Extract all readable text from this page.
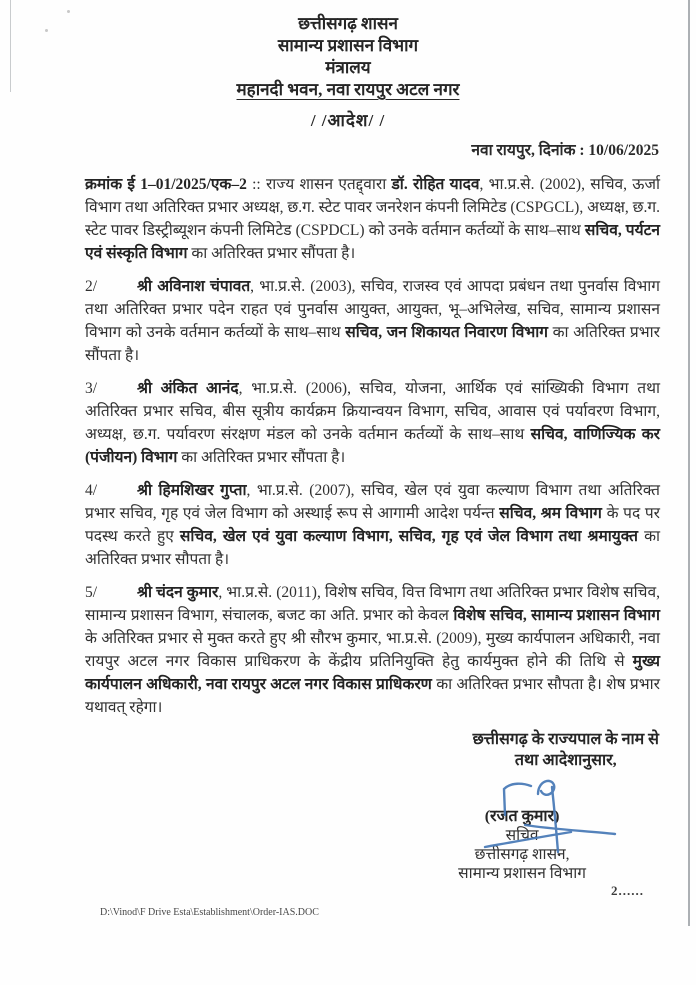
छत्तीसगढ़ शासन
सामान्य प्रशासन विभाग
मंत्रालय
महानदी भवन, नवा रायपुर अटल नगर
/ /आदेश/ /
नवा रायपुर, दिनांक : 10/06/2025

क्रमांक ई 1–01/2025/एक–2 :: राज्य शासन एतद्द्वारा डॉ. रोहित यादव, भा.प्र.से. (2002), सचिव, ऊर्जा विभाग तथा अतिरिक्त प्रभार अध्यक्ष, छ.ग. स्टेट पावर जनरेशन कंपनी लिमिटेड (CSPGCL), अध्यक्ष, छ.ग. स्टेट पावर डिस्ट्रीब्यूशन कंपनी लिमिटेड (CSPDCL) को उनके वर्तमान कर्तव्यों के साथ–साथ सचिव, पर्यटन एवं संस्कृति विभाग का अतिरिक्त प्रभार सौंपता है।

2/	श्री अविनाश चंपावत, भा.प्र.से. (2003), सचिव, राजस्व एवं आपदा प्रबंधन तथा पुनर्वास विभाग तथा अतिरिक्त प्रभार पदेन राहत एवं पुनर्वास आयुक्त, आयुक्त, भू–अभिलेख, सचिव, सामान्य प्रशासन विभाग को उनके वर्तमान कर्तव्यों के साथ–साथ सचिव, जन शिकायत निवारण विभाग का अतिरिक्त प्रभार सौंपता है।

3/	श्री अंकित आनंद, भा.प्र.से. (2006), सचिव, योजना, आर्थिक एवं सांख्यिकी विभाग तथा अतिरिक्त प्रभार सचिव, बीस सूत्रीय कार्यक्रम क्रियान्वयन विभाग, सचिव, आवास एवं पर्यावरण विभाग, अध्यक्ष, छ.ग. पर्यावरण संरक्षण मंडल को उनके वर्तमान कर्तव्यों के साथ–साथ सचिव, वाणिज्यिक कर (पंजीयन) विभाग का अतिरिक्त प्रभार सौंपता है।

4/	श्री हिमशिखर गुप्ता, भा.प्र.से. (2007), सचिव, खेल एवं युवा कल्याण विभाग तथा अतिरिक्त प्रभार सचिव, गृह एवं जेल विभाग को अस्थाई रूप से आगामी आदेश पर्यन्त सचिव, श्रम विभाग के पद पर पदस्थ करते हुए सचिव, खेल एवं युवा कल्याण विभाग, सचिव, गृह एवं जेल विभाग तथा श्रमायुक्त का अतिरिक्त प्रभार सौपता है।

5/	श्री चंदन कुमार, भा.प्र.से. (2011), विशेष सचिव, वित्त विभाग तथा अतिरिक्त प्रभार विशेष सचिव, सामान्य प्रशासन विभाग, संचालक, बजट का अति. प्रभार को केवल विशेष सचिव, सामान्य प्रशासन विभाग के अतिरिक्त प्रभार से मुक्त करते हुए श्री सौरभ कुमार, भा.प्र.से. (2009), मुख्य कार्यपालन अधिकारी, नवा रायपुर अटल नगर विकास प्राधिकरण के केंद्रीय प्रतिनियुक्ति हेतु कार्यमुक्त होने की तिथि से मुख्य कार्यपालन अधिकारी, नवा रायपुर अटल नगर विकास प्राधिकरण का अतिरिक्त प्रभार सौपता है। शेष प्रभार यथावत् रहेगा।

छत्तीसगढ़ के राज्यपाल के नाम से
तथा आदेशानुसार,
(रजत कुमार)
सचिव
छत्तीसगढ़ शासन,
सामान्य प्रशासन विभाग
2......
D:\Vinod\F Drive Esta\Establishment\Order-IAS.DOC
